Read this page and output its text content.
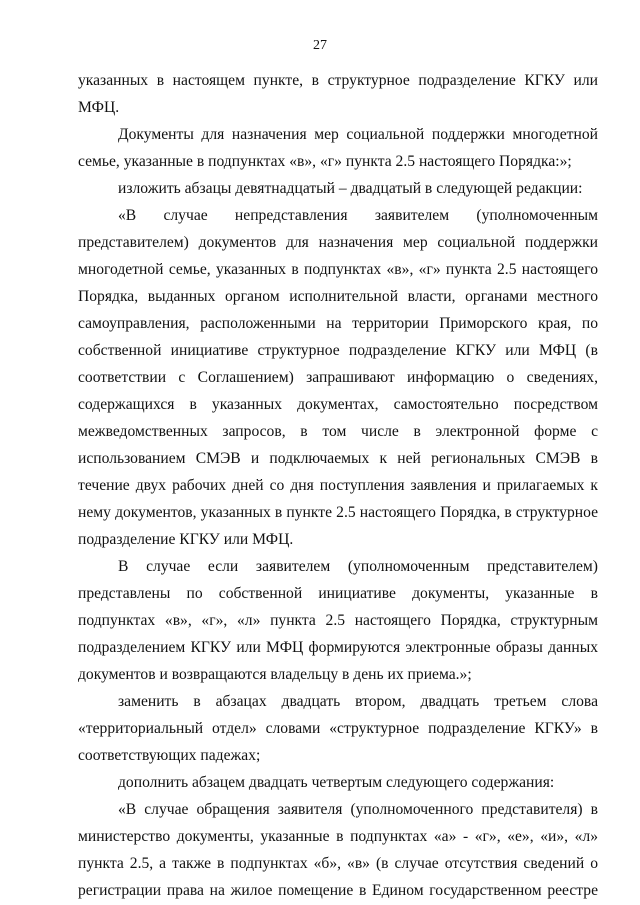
27

указанных в настоящем пункте, в структурное подразделение КГКУ или МФЦ.

Документы для назначения мер социальной поддержки многодетной семье, указанные в подпунктах «в», «г» пункта 2.5 настоящего Порядка:»;

изложить абзацы девятнадцатый – двадцатый в следующей редакции:

«В случае непредставления заявителем (уполномоченным представителем) документов для назначения мер социальной поддержки многодетной семье, указанных в подпунктах «в», «г» пункта 2.5 настоящего Порядка, выданных органом исполнительной власти, органами местного самоуправления, расположенными на территории Приморского края, по собственной инициативе структурное подразделение КГКУ или МФЦ (в соответствии с Соглашением) запрашивают информацию о сведениях, содержащихся в указанных документах, самостоятельно посредством межведомственных запросов, в том числе в электронной форме с использованием СМЭВ и подключаемых к ней региональных СМЭВ в течение двух рабочих дней со дня поступления заявления и прилагаемых к нему документов, указанных в пункте 2.5 настоящего Порядка, в структурное подразделение КГКУ или МФЦ.

В случае если заявителем (уполномоченным представителем) представлены по собственной инициативе документы, указанные в подпунктах «в», «г», «л» пункта 2.5 настоящего Порядка, структурным подразделением КГКУ или МФЦ формируются электронные образы данных документов и возвращаются владельцу в день их приема.»;

заменить в абзацах двадцать втором, двадцать третьем слова «территориальный отдел» словами «структурное подразделение КГКУ» в соответствующих падежах;

дополнить абзацем двадцать четвертым следующего содержания:

«В случае обращения заявителя (уполномоченного представителя) в министерство документы, указанные в подпунктах «а» - «г», «е», «и», «л» пункта 2.5, а также в подпунктах «б», «в» (в случае отсутствия сведений о регистрации права на жилое помещение в Едином государственном реестре
